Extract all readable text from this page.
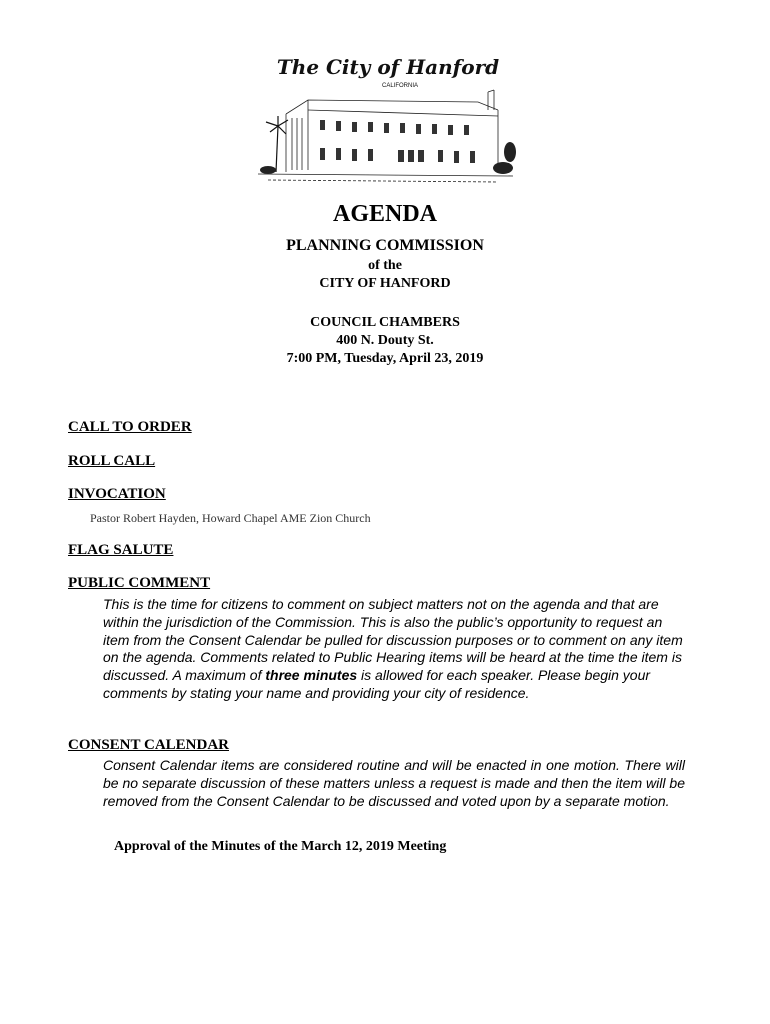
The City of Hanford
CALIFORNIA
AGENDA
PLANNING COMMISSION
of the
CITY OF HANFORD
COUNCIL CHAMBERS
400 N. Douty St.
7:00 PM, Tuesday, April 23, 2019
CALL TO ORDER
ROLL CALL
INVOCATION
Pastor Robert Hayden, Howard Chapel AME Zion Church
FLAG SALUTE
PUBLIC COMMENT
This is the time for citizens to comment on subject matters not on the agenda and that are within the jurisdiction of the Commission. This is also the public’s opportunity to request an item from the Consent Calendar be pulled for discussion purposes or to comment on any item on the agenda. Comments related to Public Hearing items will be heard at the time the item is discussed. A maximum of three minutes is allowed for each speaker. Please begin your comments by stating your name and providing your city of residence.
CONSENT CALENDAR
Consent Calendar items are considered routine and will be enacted in one motion. There will be no separate discussion of these matters unless a request is made and then the item will be removed from the Consent Calendar to be discussed and voted upon by a separate motion.
Approval of the Minutes of the March 12, 2019 Meeting
